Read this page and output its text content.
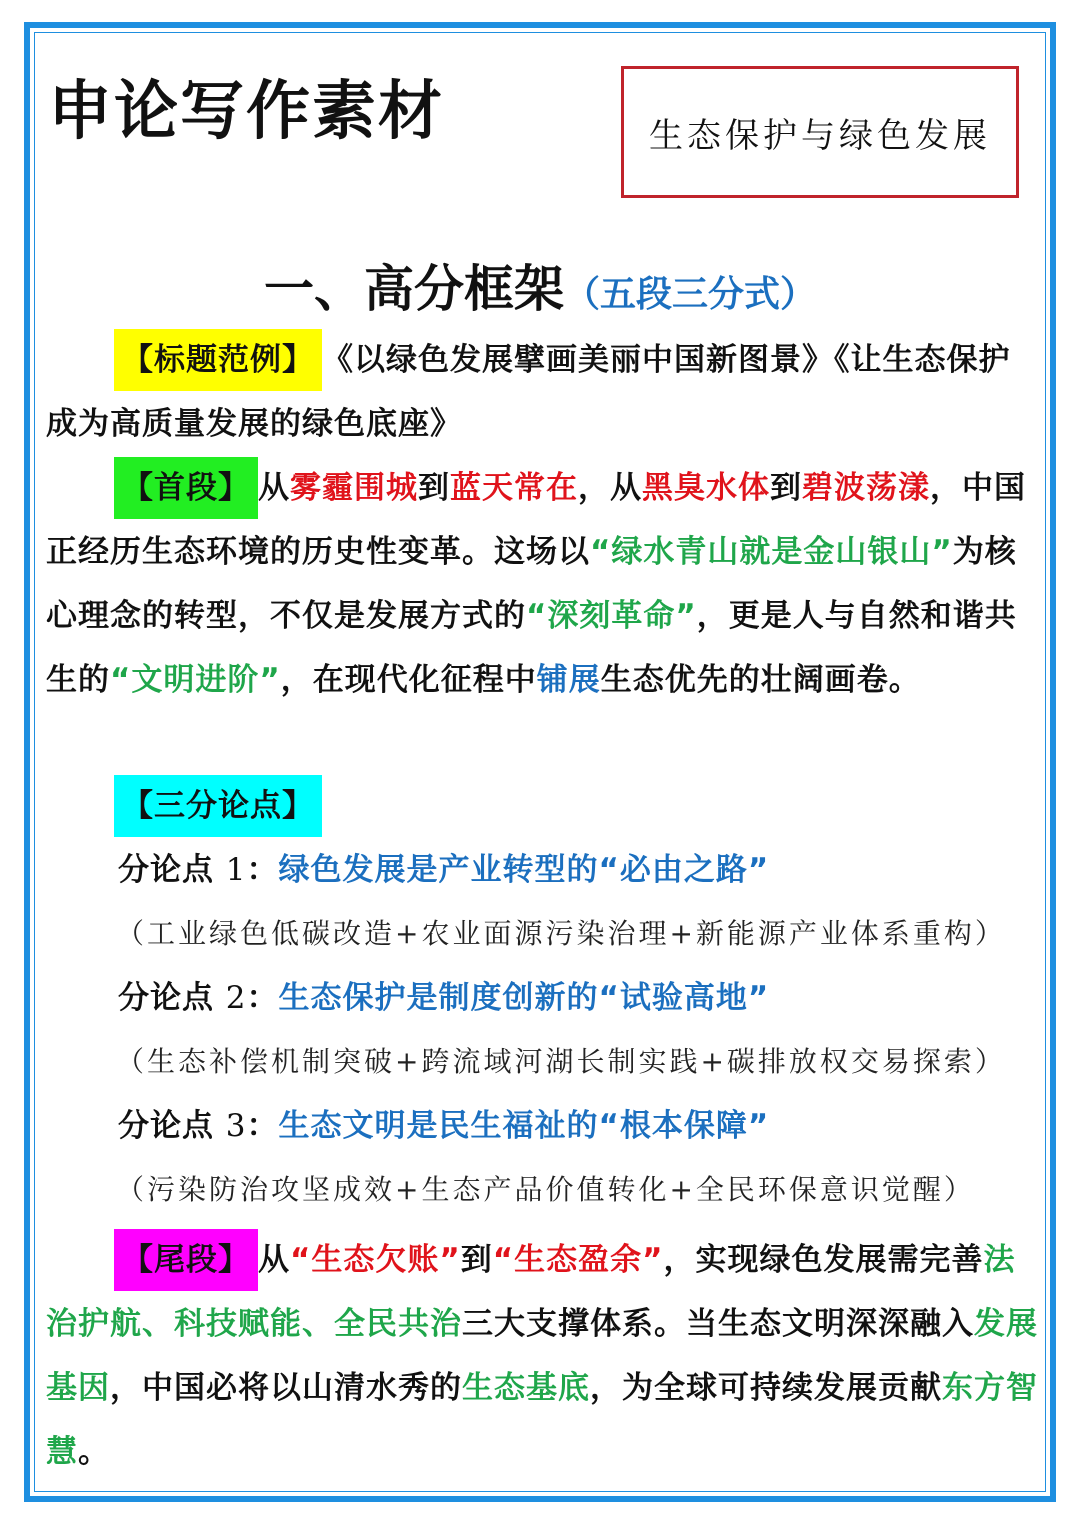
申论写作素材	生态保护与绿色发展
一、高分框架（五段三分式）
【标题范例】 《以绿色发展擘画美丽中国新图景》《让生态保护成为高质量发展的绿色底座》
【首段】 从雾霾围城到蓝天常在，从黑臭水体到碧波荡漾，中国正经历生态环境的历史性变革。这场以“绿水青山就是金山银山”为核心理念的转型，不仅是发展方式的“深刻革命”，更是人与自然和谐共生的“文明进阶”，在现代化征程中铺展生态优先的壮阔画卷。
【三分论点】
分论点 1：绿色发展是产业转型的“必由之路”
（工业绿色低碳改造+农业面源污染治理+新能源产业体系重构）
分论点 2：生态保护是制度创新的“试验高地”
（生态补偿机制突破+跨流域河湖长制实践+碳排放权交易探索）
分论点 3：生态文明是民生福祉的“根本保障”
（污染防治攻坚成效+生态产品价值转化+全民环保意识觉醒）
【尾段】 从“生态欠账”到“生态盈余”，实现绿色发展需完善法治护航、科技赋能、全民共治三大支撑体系。当生态文明深深融入发展基因，中国必将以山清水秀的生态基底，为全球可持续发展贡献东方智慧。
